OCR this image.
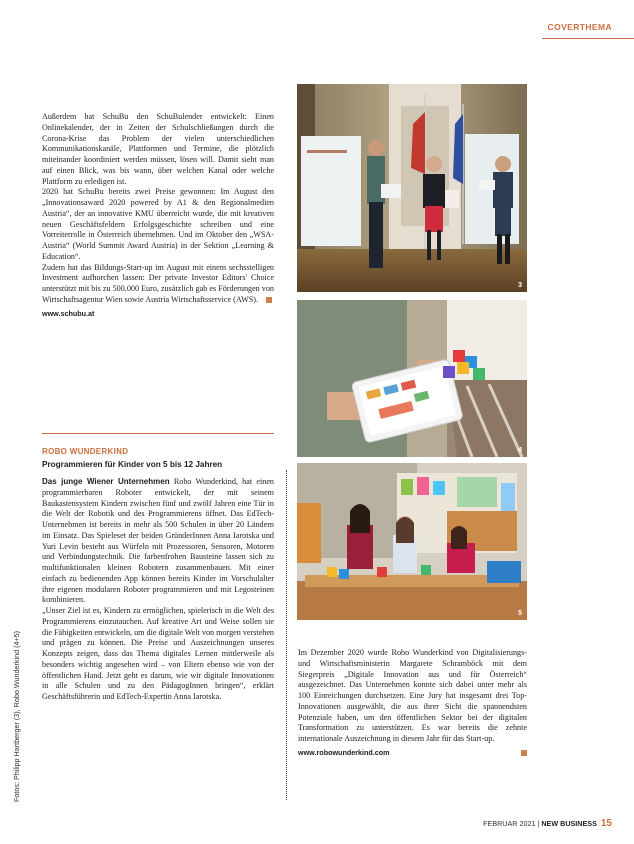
COVERTHEMA

Außerdem hat SchuBu den SchuBulender entwickelt: Einen Onlinekalender, der in Zeiten der Schulschließungen durch die Corona-Krise das Problem der vielen unterschiedlichen Kommunikationskanäle, Plattformen und Termine, die plötzlich miteinander koordiniert werden müssen, lösen will. Damit sieht man auf einen Blick, was bis wann, über welchen Kanal oder welche Plattform zu erledigen ist.

2020 hat SchuBu bereits zwei Preise gewonnen: Im August den „Innovationsaward 2020 powered by A1 & den Regionalmedien Austria“, der an innovative KMU überreicht wurde, die mit kreativen neuen Geschäftsfeldern Erfolgsgeschichte schreiben und eine Vorreiterrolle in Österreich übernehmen. Und im Oktober den „WSA-Austria“ (World Summit Award Austria) in der Sektion „Learning & Education“.

Zudem hat das Bildungs-Start-up im August mit einem sechsstelligen Investment aufhorchen lassen: Der private Investor Editors' Choice unterstützt mit bis zu 500.000 Euro, zusätzlich gab es Förderungen von Wirtschaftsagentur Wien sowie Austria Wirtschaftsservice (AWS).

www.schubu.at
ROBO WUNDERKIND
Programmieren für Kinder von 5 bis 12 Jahren

Das junge Wiener Unternehmen Robo Wunderkind, hat einen programmierbaren Roboter entwickelt, der mit seinem Baukastensystem Kindern zwischen fünf und zwölf Jahren eine Tür in die Welt der Robotik und des Programmierens öffnet. Das EdTech-Unternehmen ist bereits in mehr als 500 Schulen in über 20 Ländern im Einsatz. Das Spieleset der beiden GründerInnen Anna Iarotska und Yuri Levin besteht aus Würfeln mit Prozessoren, Sensoren, Motoren und Verbindungstechnik. Die farbenfrohen Bausteine lassen sich zu multifunktionalen kleinen Robotern zusammenbauen. Mit einer einfach zu bedienenden App können bereits Kinder im Vorschulalter ihre eigenen modularen Roboter programmieren und mit Legosteinen kombinieren.

„Unser Ziel ist es, Kindern zu ermöglichen, spielerisch in die Welt des Programmierens einzutauchen. Auf kreative Art und Weise sollen sie die Fähigkeiten entwickeln, um die digitale Welt von morgen verstehen und prägen zu können. Die Preise und Auszeichnungen unseres Konzepts zeigen, dass das Thema digitales Lernen mittlerweile als besonders wichtig angesehen wird – von Eltern ebenso wie von der öffentlichen Hand. Jetzt geht es darum, wie wir digitale Innovationen in alle Schulen und zu den PädagogInnen bringen“, erklärt Geschäftsführerin und EdTech-Expertin Anna Iarotska.

Im Dezember 2020 wurde Robo Wunderkind von Digitalisierungs- und Wirtschaftsministerin Margarete Schramböck mit dem Siegerpreis „Digitale Innovation aus und für Österreich“ ausgezeichnet. Das Unternehmen konnte sich dabei unter mehr als 100 Einreichungen durchsetzen. Eine Jury hat insgesamt drei Top-Innovationen ausgewählt, die aus ihrer Sicht die spannendsten Potenziale haben, um den öffentlichen Sektor bei der digitalen Transformation zu unterstützen. Es war bereits die zehnte internationale Auszeichnung in diesem Jahr für das Start-up.

www.robowunderkind.com
3
4
5
Fotos: Philipp Hartberger (3), Robo Wunderkind (4+5)
FEBRUAR 2021 | NEW BUSINESS 15
